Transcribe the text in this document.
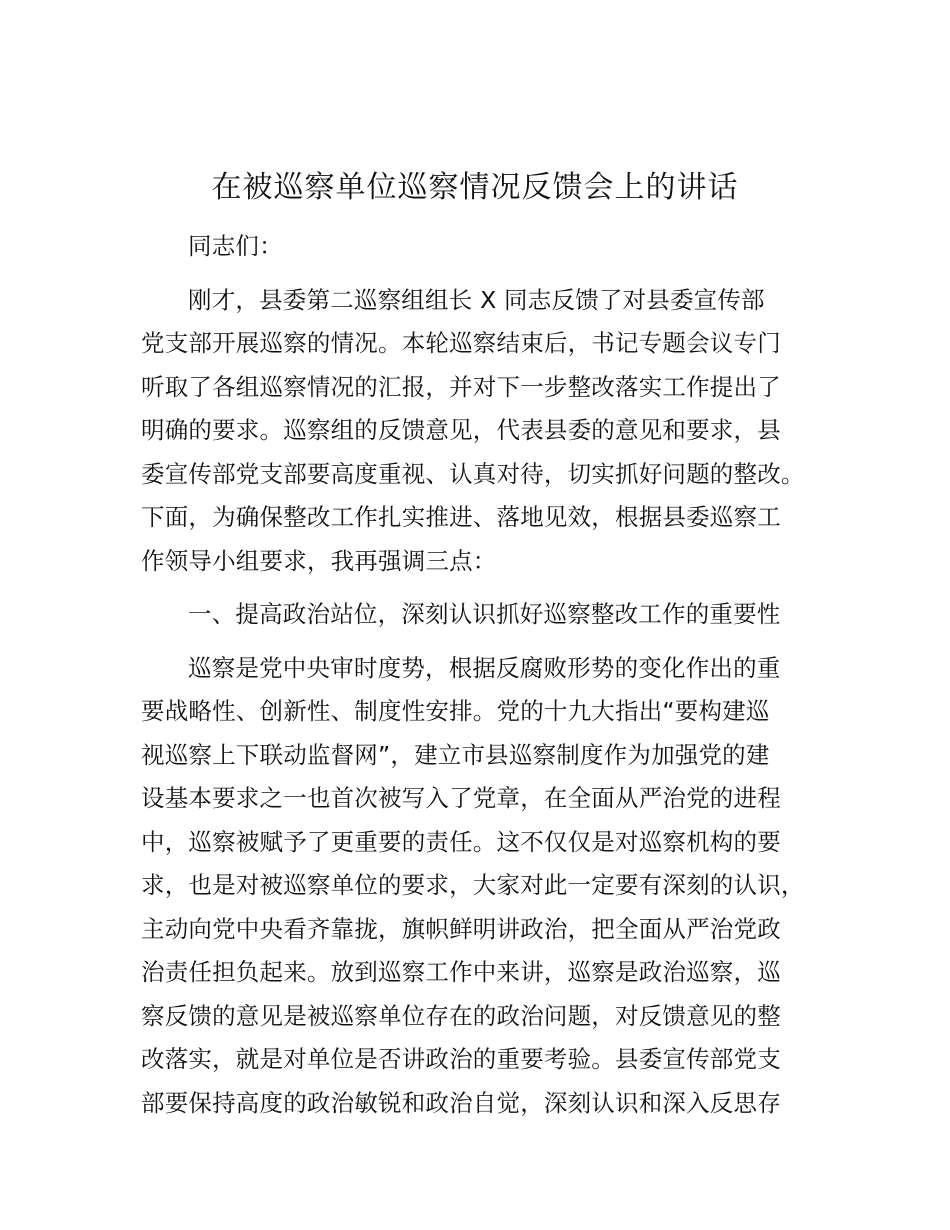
在被巡察单位巡察情况反馈会上的讲话
同志们：
刚才，县委第二巡察组组长 X 同志反馈了对县委宣传部
党支部开展巡察的情况。本轮巡察结束后，书记专题会议专门
听取了各组巡察情况的汇报，并对下一步整改落实工作提出了
明确的要求。巡察组的反馈意见，代表县委的意见和要求，县
委宣传部党支部要高度重视、认真对待，切实抓好问题的整改。
下面，为确保整改工作扎实推进、落地见效，根据县委巡察工
作领导小组要求，我再强调三点：
一、提高政治站位，深刻认识抓好巡察整改工作的重要性
巡察是党中央审时度势，根据反腐败形势的变化作出的重
要战略性、创新性、制度性安排。党的十九大指出“要构建巡
视巡察上下联动监督网”，建立市县巡察制度作为加强党的建
设基本要求之一也首次被写入了党章，在全面从严治党的进程
中，巡察被赋予了更重要的责任。这不仅仅是对巡察机构的要
求，也是对被巡察单位的要求，大家对此一定要有深刻的认识，
主动向党中央看齐靠拢，旗帜鲜明讲政治，把全面从严治党政
治责任担负起来。放到巡察工作中来讲，巡察是政治巡察，巡
察反馈的意见是被巡察单位存在的政治问题，对反馈意见的整
改落实，就是对单位是否讲政治的重要考验。县委宣传部党支
部要保持高度的政治敏锐和政治自觉，深刻认识和深入反思存
